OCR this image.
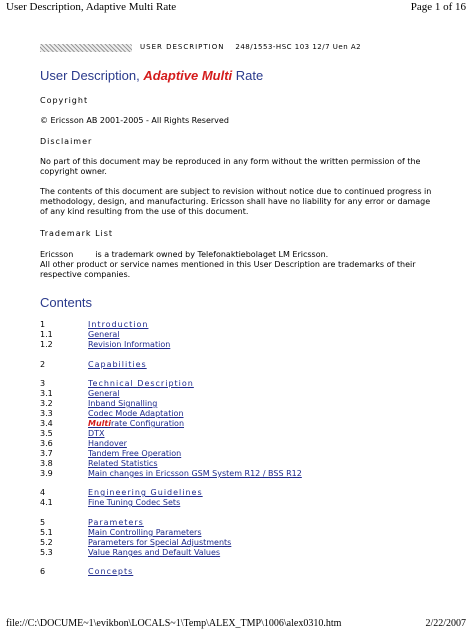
User Description, Adaptive Multi Rate	Page 1 of 16
USER DESCRIPTION 248/1553-HSC 103 12/7 Uen A2
User Description, Adaptive Multi Rate
Copyright
© Ericsson AB 2001-2005 - All Rights Reserved
Disclaimer
No part of this document may be reproduced in any form without the written permission of the copyright owner.
The contents of this document are subject to revision without notice due to continued progress in methodology, design, and manufacturing. Ericsson shall have no liability for any error or damage of any kind resulting from the use of this document.
Trademark List
Ericsson	is a trademark owned by Telefonaktiebolaget LM Ericsson.
All other product or service names mentioned in this User Description are trademarks of their respective companies.
Contents
1	Introduction
1.1	General
1.2	Revision Information
2	Capabilities
3	Technical Description
3.1	General
3.2	Inband Signalling
3.3	Codec Mode Adaptation
3.4	Multirate Configuration
3.5	DTX
3.6	Handover
3.7	Tandem Free Operation
3.8	Related Statistics
3.9	Main changes in Ericsson GSM System R12 / BSS R12
4	Engineering Guidelines
4.1	Fine Tuning Codec Sets
5	Parameters
5.1	Main Controlling Parameters
5.2	Parameters for Special Adjustments
5.3	Value Ranges and Default Values
6	Concepts
file://C:\DOCUME~1\evikbon\LOCALS~1\Temp\ALEX_TMP\1006\alex0310.htm	2/22/2007
